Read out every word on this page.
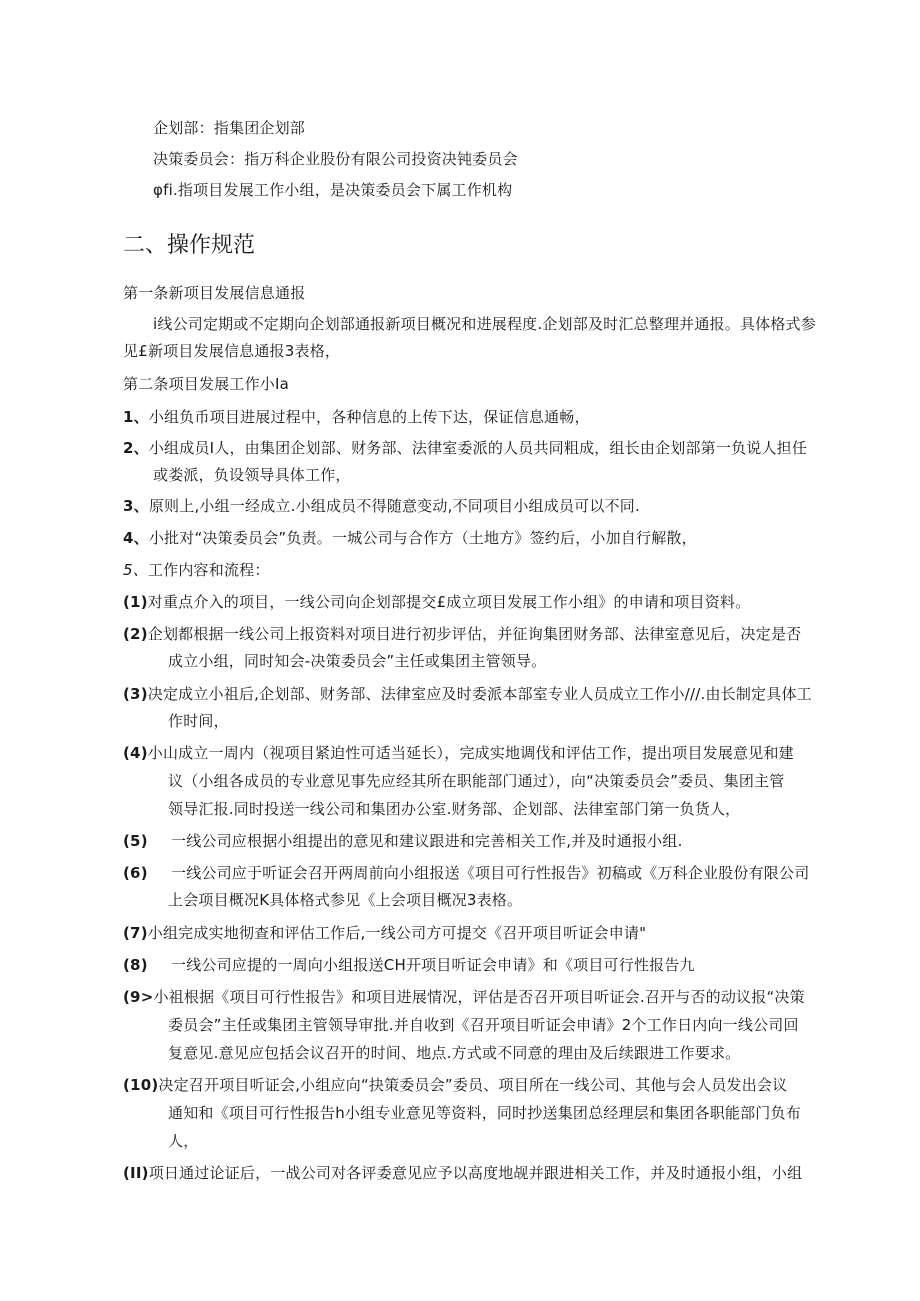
企划部：指集团企划部
决策委员会：指万科企业股份有限公司投资决钝委员会
φfi.指项目发展工作小组，是决策委员会下属工作机构
二、操作规范
第一条新项目发展信息通报
i线公司定期或不定期向企划部通报新项目概况和进展程度.企划部及时汇总整理并通报。具体格式参
见£新项目发展信息通报3表格，
第二条项目发展工作小Ia
1、小组负币项目进展过程中，各种信息的上传下达，保证信息通畅，
2、小组成员I人，由集团企划部、财务部、法律室委派的人员共同粗成，组长由企划部第一负说人担任
或娄派，负设领导具体工作，
3、原则上,小组一经成立.小组成员不得随意变动,不同项目小组成员可以不同.
4、小批对“决策委员会”负责。一城公司与合作方（土地方》签约后，小加自行解散，
5、工作内容和流程：
(1)对重点介入的项目，一线公司向企划部提交£成立项目发展工作小组》的申请和项目资料。
(2)企划都根据一线公司上报资料对项目进行初步评估，并征询集团财务部、法律室意见后，决定是否
成立小组，同时知会-决策委员会”主任或集团主管领导。
(3)决定成立小祖后,企划部、财务部、法律室应及时委派本部室专业人员成立工作小///.由长制定具体工
作时间，
(4)小山成立一周内（视项目紧迫性可适当延长），完成实地调伐和评估工作，提出项目发展意见和建
议（小组各成员的专业意见事先应经其所在职能部门通过），向“决策委员会”委员、集团主管
领导汇报.同时投送一线公司和集团办公室.财务部、企划部、法律室部门第一负货人，
(5) 一线公司应根据小组提出的意见和建议跟进和完善相关工作,并及时通报小组.
(6) 一线公司应于听证会召开两周前向小组报送《项目可行性报告》初稿或《万科企业股份有限公司
上会项目概况K具体格式参见《上会项目概况3表格。
(7)小组完成实地彻查和评估工作后,一线公司方可提交《召开项目听证会申请"
(8) 一线公司应提的一周向小组报送CH开项目听证会申请》和《项目可行性报告九
(9>小祖根据《项目可行性报告》和项目进展情况，评估是否召开项目听证会.召开与否的动议报“决策
委员会”主任或集团主管领导审批.并自收到《召开项目听证会申请》2个工作日内向一线公司回
复意见.意见应包括会议召开的时间、地点.方式或不同意的理由及后续跟进工作要求。
(10)决定召开项目听证会,小组应向“抉策委员会”委员、项目所在一线公司、其他与会人员发出会议
通知和《项目可行性报告h小组专业意见等资料，同时抄送集团总经理层和集团各职能部门负布
人，
(II)项日通过论证后，一战公司对各评委意见应予以高度地觇并跟进相关工作，并及时通报小组，小组
